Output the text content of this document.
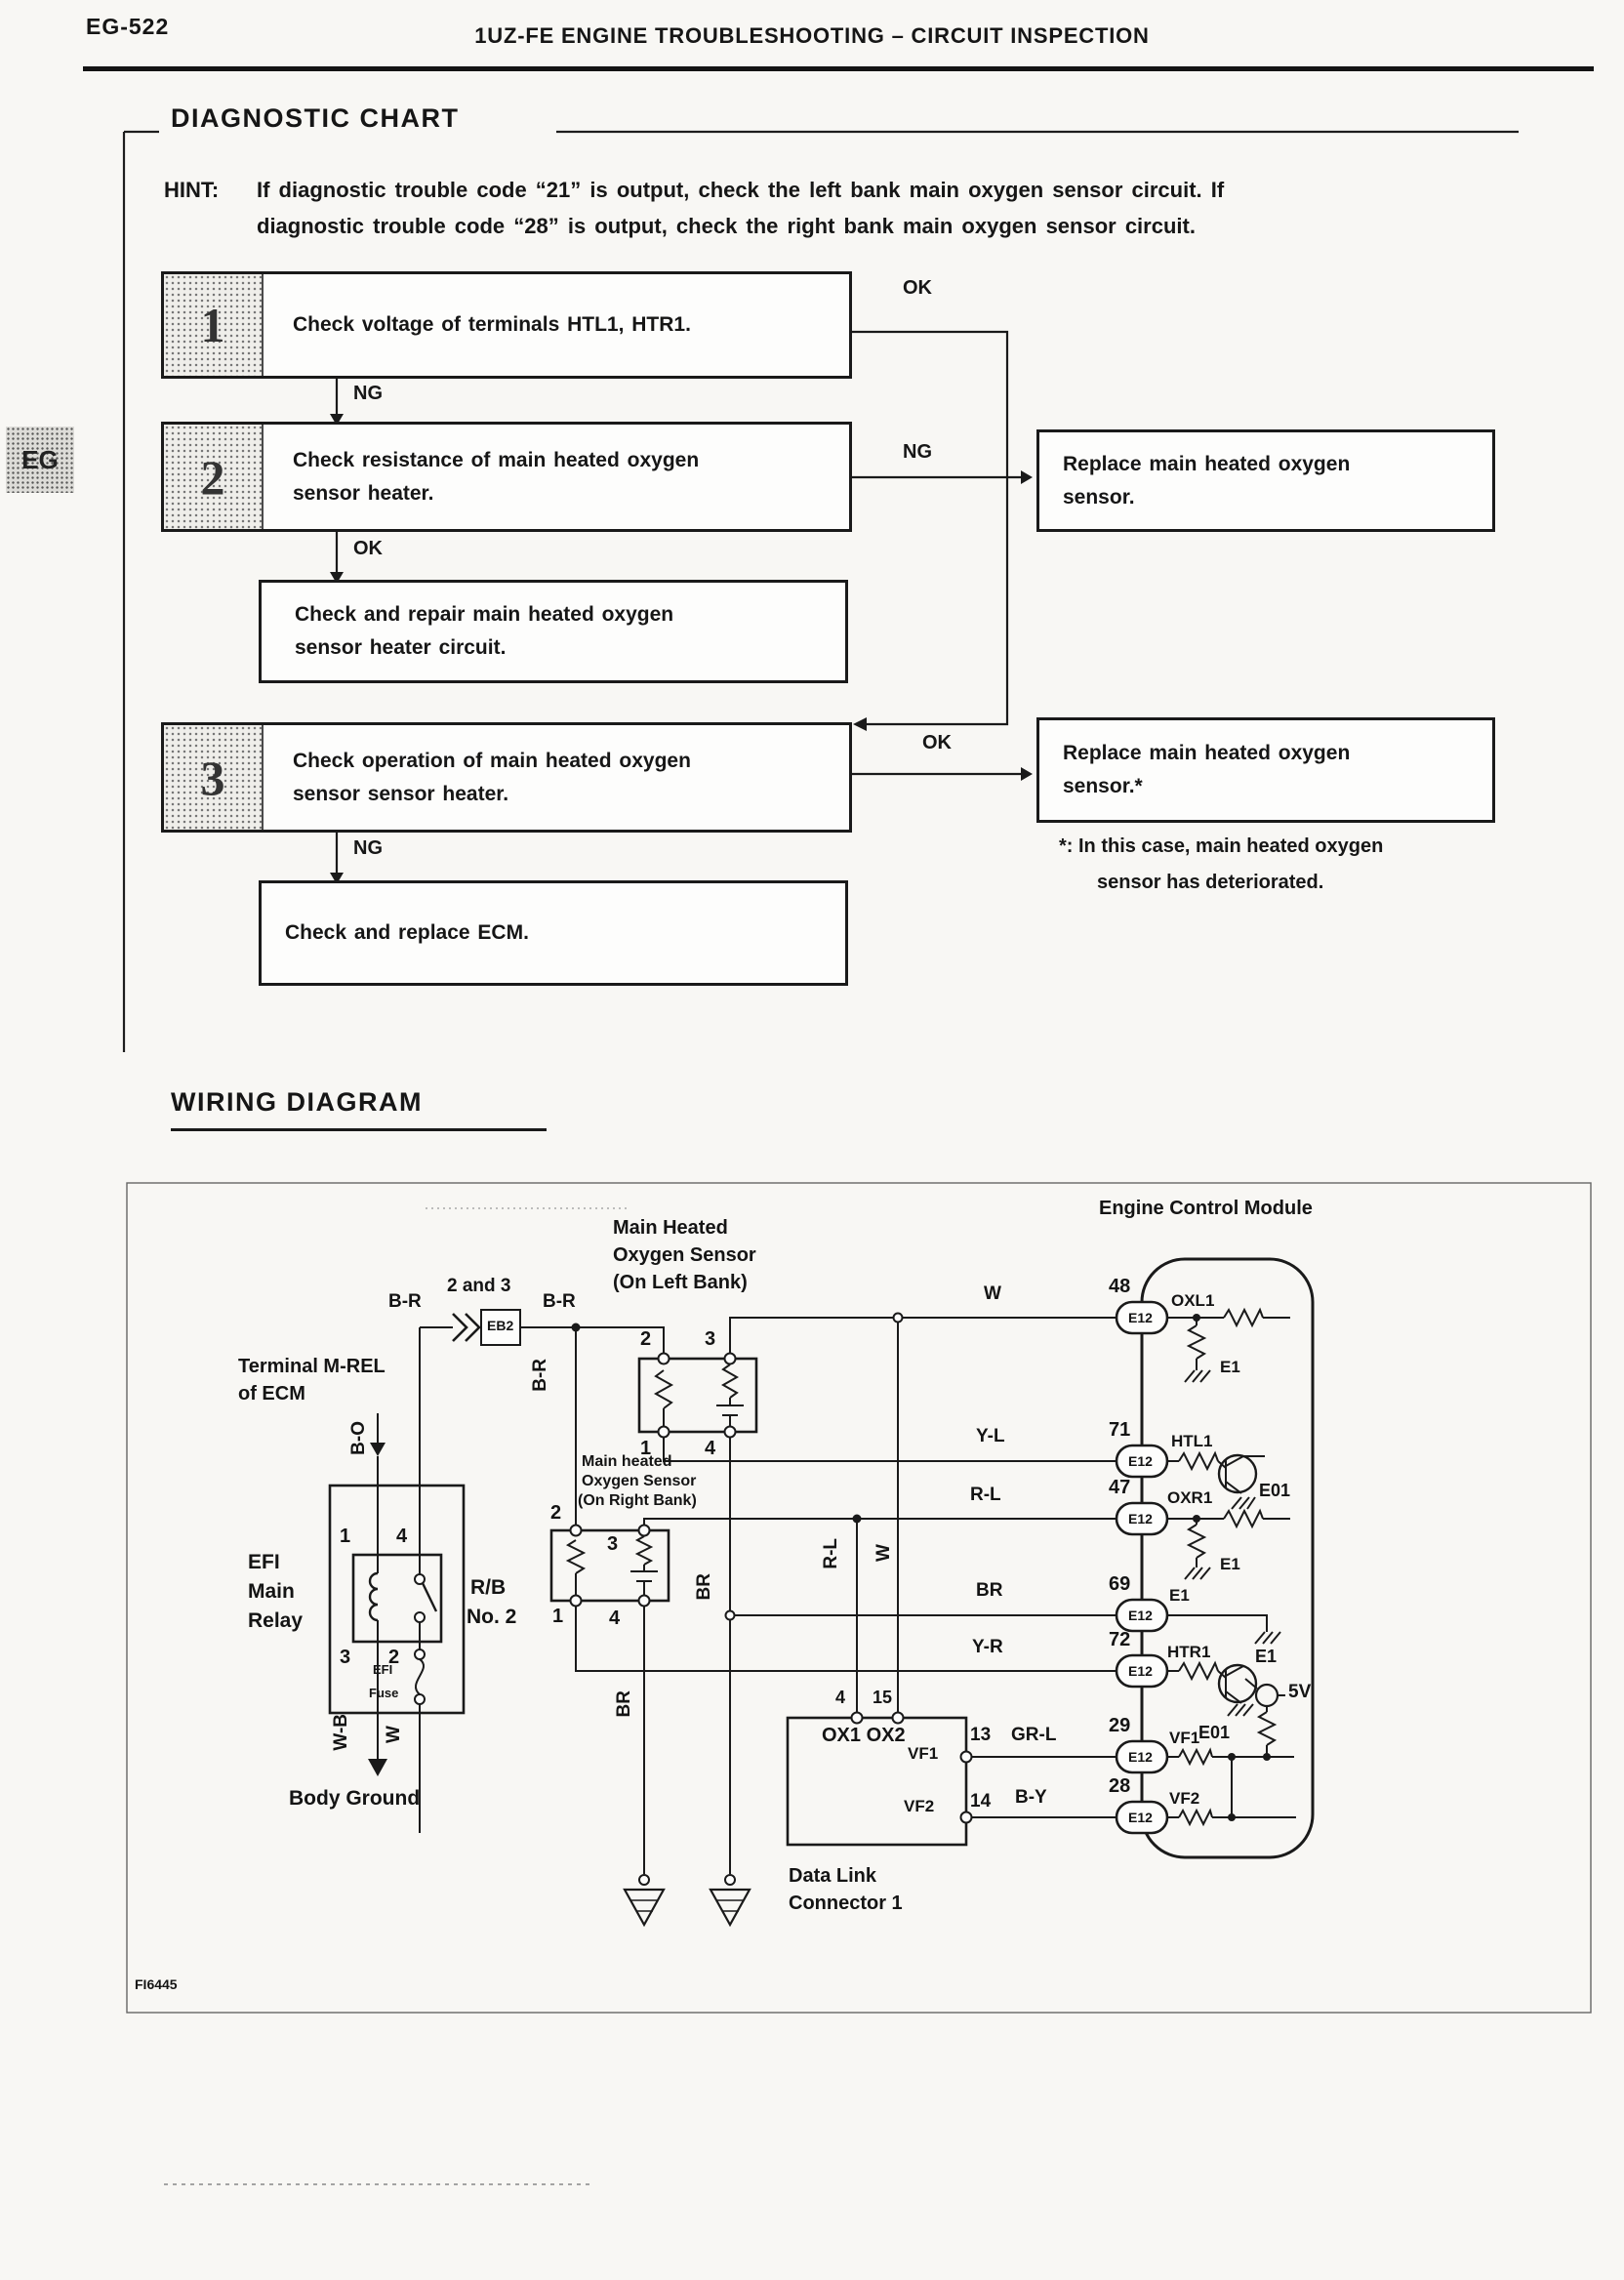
EG-522	1UZ-FE ENGINE TROUBLESHOOTING – CIRCUIT INSPECTION
EG
DIAGNOSTIC CHART
WIRING DIAGRAM
HINT: If diagnostic trouble code “21” is output, check the left bank main oxygen sensor circuit. If
diagnostic trouble code “28” is output, check the right bank main oxygen sensor circuit.
1	Check voltage of terminals HTL1, HTR1.
2	Check resistance of main heated oxygen
sensor heater.
Check and repair main heated oxygen
sensor heater circuit.
3	Check operation of main heated oxygen
sensor sensor heater.
Check and replace ECM.
Replace main heated oxygen
sensor.
Replace main heated oxygen
sensor.*
OK
NG
NG
OK
OK
NG	*: In this case, main heated oxygen
sensor has deteriorated.
Engine Control Module
Main Heated
Oxygen Sensor
(On Left Bank)
B-R
2 and 3
EB2
B-R	W	48
E12
OXL1
E1
Terminal M-REL
of ECM
B-O
B-R
2	3
1	4
Main heated
Oxygen Sensor
(On Right Bank)
Y-L	71
E12
HTL1
R-L	47
E12
OXR1	E01
E1
2
3
1 4
R/B
No. 2
EFI
Main
Relay
1 4
3 2
EFI
Fuse
BR
BR
R-L W
BR	69
E12
E1
E1
Y-R	72
E12
HTR1
E01
5V
W-B W
Body Ground
4 15
OX1 OX2
VF1
13 GR-L	29
E12
VF1
VF2 14 B-Y
28
E12
VF2
Data Link
Connector 1
FI6445
